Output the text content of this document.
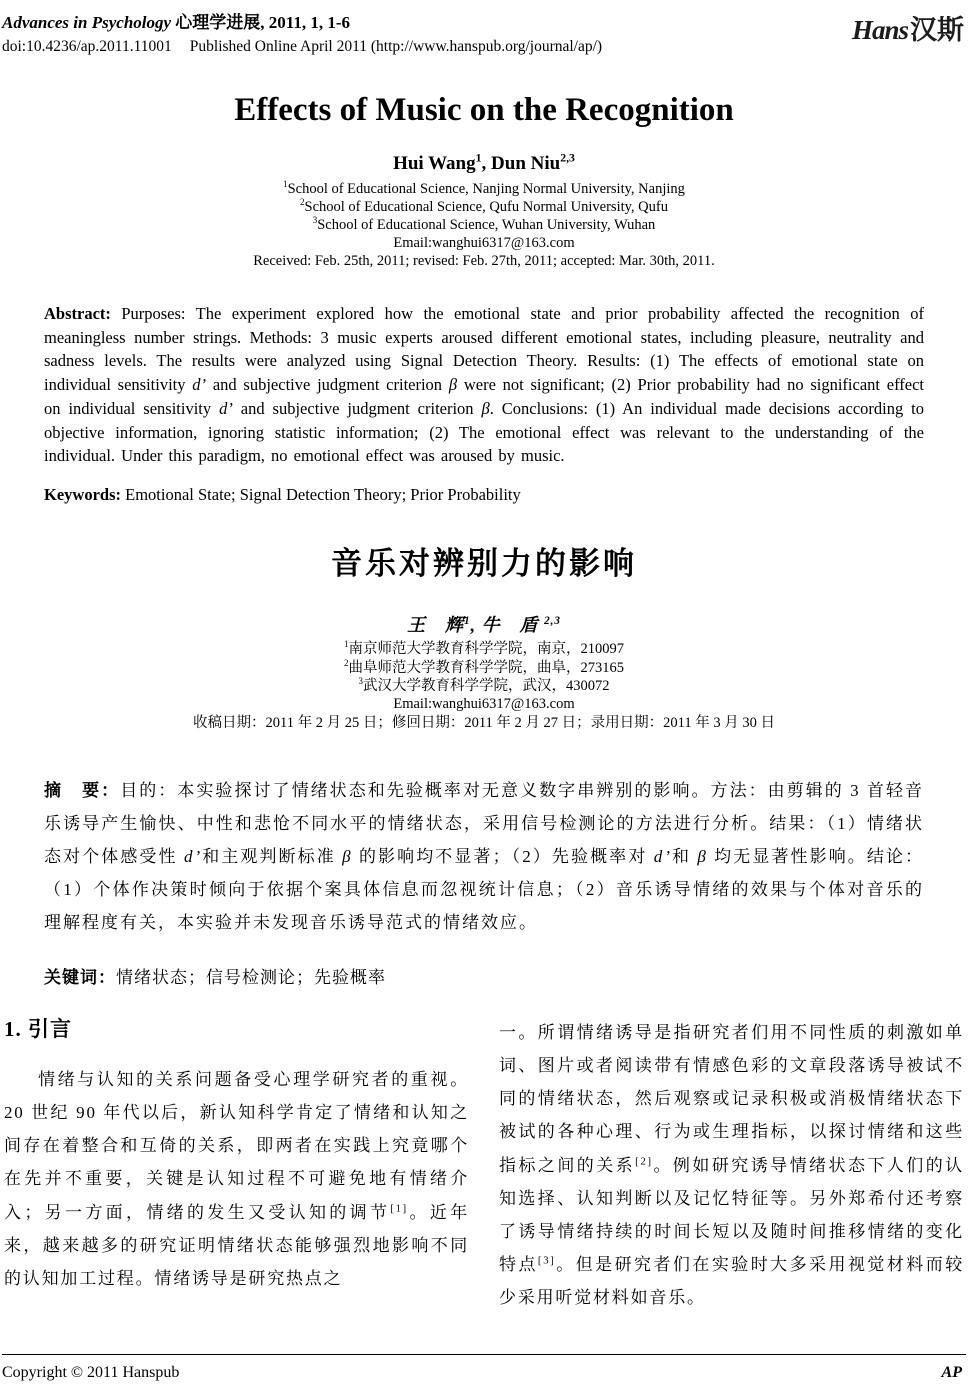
Advances in Psychology 心理学进展, 2011, 1, 1-6
doi:10.4236/ap.2011.11001 Published Online April 2011 (http://www.hanspub.org/journal/ap/)
Hans汉斯
Effects of Music on the Recognition
Hui Wang$^1$, Dun Niu$^{2,3}$
$^1$School of Educational Science, Nanjing Normal University, Nanjing
$^2$School of Educational Science, Qufu Normal University, Qufu
$^3$School of Educational Science, Wuhan University, Wuhan
Email:wanghui6317@163.com
Received: Feb. 25th, 2011; revised: Feb. 27th, 2011; accepted: Mar. 30th, 2011.

Abstract: Purposes: The experiment explored how the emotional state and prior probability affected the recognition of meaningless number strings. Methods: 3 music experts aroused different emotional states, including pleasure, neutrality and sadness levels. The results were analyzed using Signal Detection Theory. Results: (1) The effects of emotional state on individual sensitivity d’ and subjective judgment criterion β were not significant; (2) Prior probability had no significant effect on individual sensitivity d’ and subjective judgment criterion β. Conclusions: (1) An individual made decisions according to objective information, ignoring statistic information; (2) The emotional effect was relevant to the understanding of the individual. Under this paradigm, no emotional effect was aroused by music.

Keywords: Emotional State; Signal Detection Theory; Prior Probability

音乐对辨别力的影响
王　辉$^1$, 牛　盾 $^{2,3}$
$^1$南京师范大学教育科学学院，南京，210097
$^2$曲阜师范大学教育科学学院，曲阜，273165
$^3$武汉大学教育科学学院，武汉，430072
Email:wanghui6317@163.com
收稿日期：2011 年 2 月 25 日；修回日期：2011 年 2 月 27 日；录用日期：2011 年 3 月 30 日

摘　要：目的：本实验探讨了情绪状态和先验概率对无意义数字串辨别的影响。方法：由剪辑的 3 首轻音乐诱导产生愉快、中性和悲怆不同水平的情绪状态，采用信号检测论的方法进行分析。结果：（1）情绪状态对个体感受性 d’和主观判断标准 β 的影响均不显著；（2）先验概率对 d’和 β 均无显著性影响。结论：（1）个体作决策时倾向于依据个案具体信息而忽视统计信息；（2）音乐诱导情绪的效果与个体对音乐的理解程度有关，本实验并未发现音乐诱导范式的情绪效应。

关键词：情绪状态；信号检测论；先验概率

1. 引言

情绪与认知的关系问题备受心理学研究者的重视。20 世纪 90 年代以后，新认知科学肯定了情绪和认知之间存在着整合和互倚的关系，即两者在实践上究竟哪个在先并不重要，关键是认知过程不可避免地有情绪介入；另一方面，情绪的发生又受认知的调节[1]。近年来，越来越多的研究证明情绪状态能够强烈地影响不同的认知加工过程。情绪诱导是研究热点之

一。所谓情绪诱导是指研究者们用不同性质的刺激如单词、图片或者阅读带有情感色彩的文章段落诱导被试不同的情绪状态，然后观察或记录积极或消极情绪状态下被试的各种心理、行为或生理指标，以探讨情绪和这些指标之间的关系[2]。例如研究诱导情绪状态下人们的认知选择、认知判断以及记忆特征等。另外郑希付还考察了诱导情绪持续的时间长短以及随时间推移情绪的变化特点[3]。但是研究者们在实验时大多采用视觉材料而较少采用听觉材料如音乐。

Copyright © 2011 Hanspub	AP
